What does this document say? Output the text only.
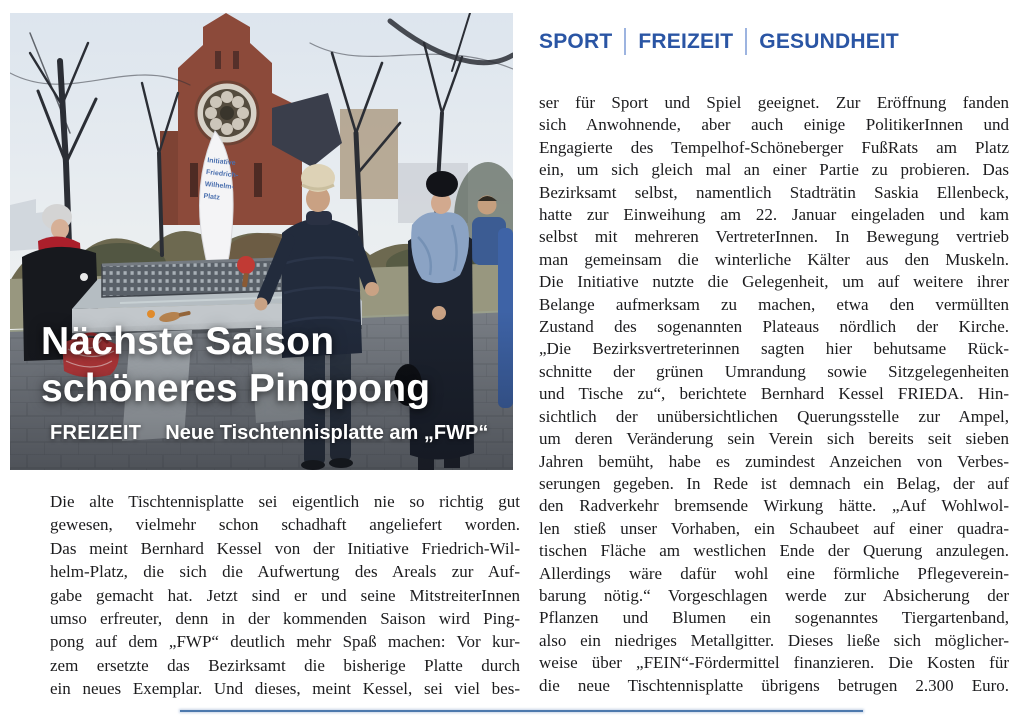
Initiative
Friedrich-
Wilhelm-
Platz
Nächste Saison
schöneres Pingpong
FREIZEIT Neue Tischtennisplatte am „FWP“
SPORT FREIZEIT GESUNDHEIT
Die alte Tischtennisplatte sei eigentlich nie so richtig gut
gewesen, vielmehr schon schadhaft angeliefert worden.
Das meint Bernhard Kessel von der Initiative Friedrich-Wil-
helm-Platz, die sich die Aufwertung des Areals zur Auf-
gabe gemacht hat. Jetzt sind er und seine MitstreiterInnen
umso erfreuter, denn in der kommenden Saison wird Ping-
pong auf dem „FWP“ deutlich mehr Spaß machen: Vor kur-
zem ersetzte das Bezirksamt die bisherige Platte durch
ein neues Exemplar. Und dieses, meint Kessel, sei viel bes-
ser für Sport und Spiel geeignet. Zur Eröffnung fanden
sich Anwohnende, aber auch einige PolitikerInnen und
Engagierte des Tempelhof-Schöneberger FußRats am Platz
ein, um sich gleich mal an einer Partie zu probieren. Das
Bezirksamt selbst, namentlich Stadträtin Saskia Ellenbeck,
hatte zur Einweihung am 22. Januar eingeladen und kam
selbst mit mehreren VertreterInnen. In Bewegung vertrieb
man gemeinsam die winterliche Kälter aus den Muskeln.
Die Initiative nutzte die Gelegenheit, um auf weitere ihrer
Belange aufmerksam zu machen, etwa den vermüllten
Zustand des sogenannten Plateaus nördlich der Kirche.
„Die Bezirksvertreterinnen sagten hier behutsame Rück-
schnitte der grünen Umrandung sowie Sitzgelegenheiten
und Tische zu“, berichtete Bernhard Kessel FRIEDA. Hin-
sichtlich der unübersichtlichen Querungsstelle zur Ampel,
um deren Veränderung sein Verein sich bereits seit sieben
Jahren bemüht, habe es zumindest Anzeichen von Verbes-
serungen gegeben. In Rede ist demnach ein Belag, der auf
den Radverkehr bremsende Wirkung hätte. „Auf Wohlwol-
len stieß unser Vorhaben, ein Schaubeet auf einer quadra-
tischen Fläche am westlichen Ende der Querung anzulegen.
Allerdings wäre dafür wohl eine förmliche Pflegeverein-
barung nötig.“ Vorgeschlagen werde zur Absicherung der
Pflanzen und Blumen ein sogenanntes Tiergartenband,
also ein niedriges Metallgitter. Dieses ließe sich möglicher-
weise über „FEIN“-Fördermittel finanzieren. Die Kosten für
die neue Tischtennisplatte übrigens betrugen 2.300 Euro.
